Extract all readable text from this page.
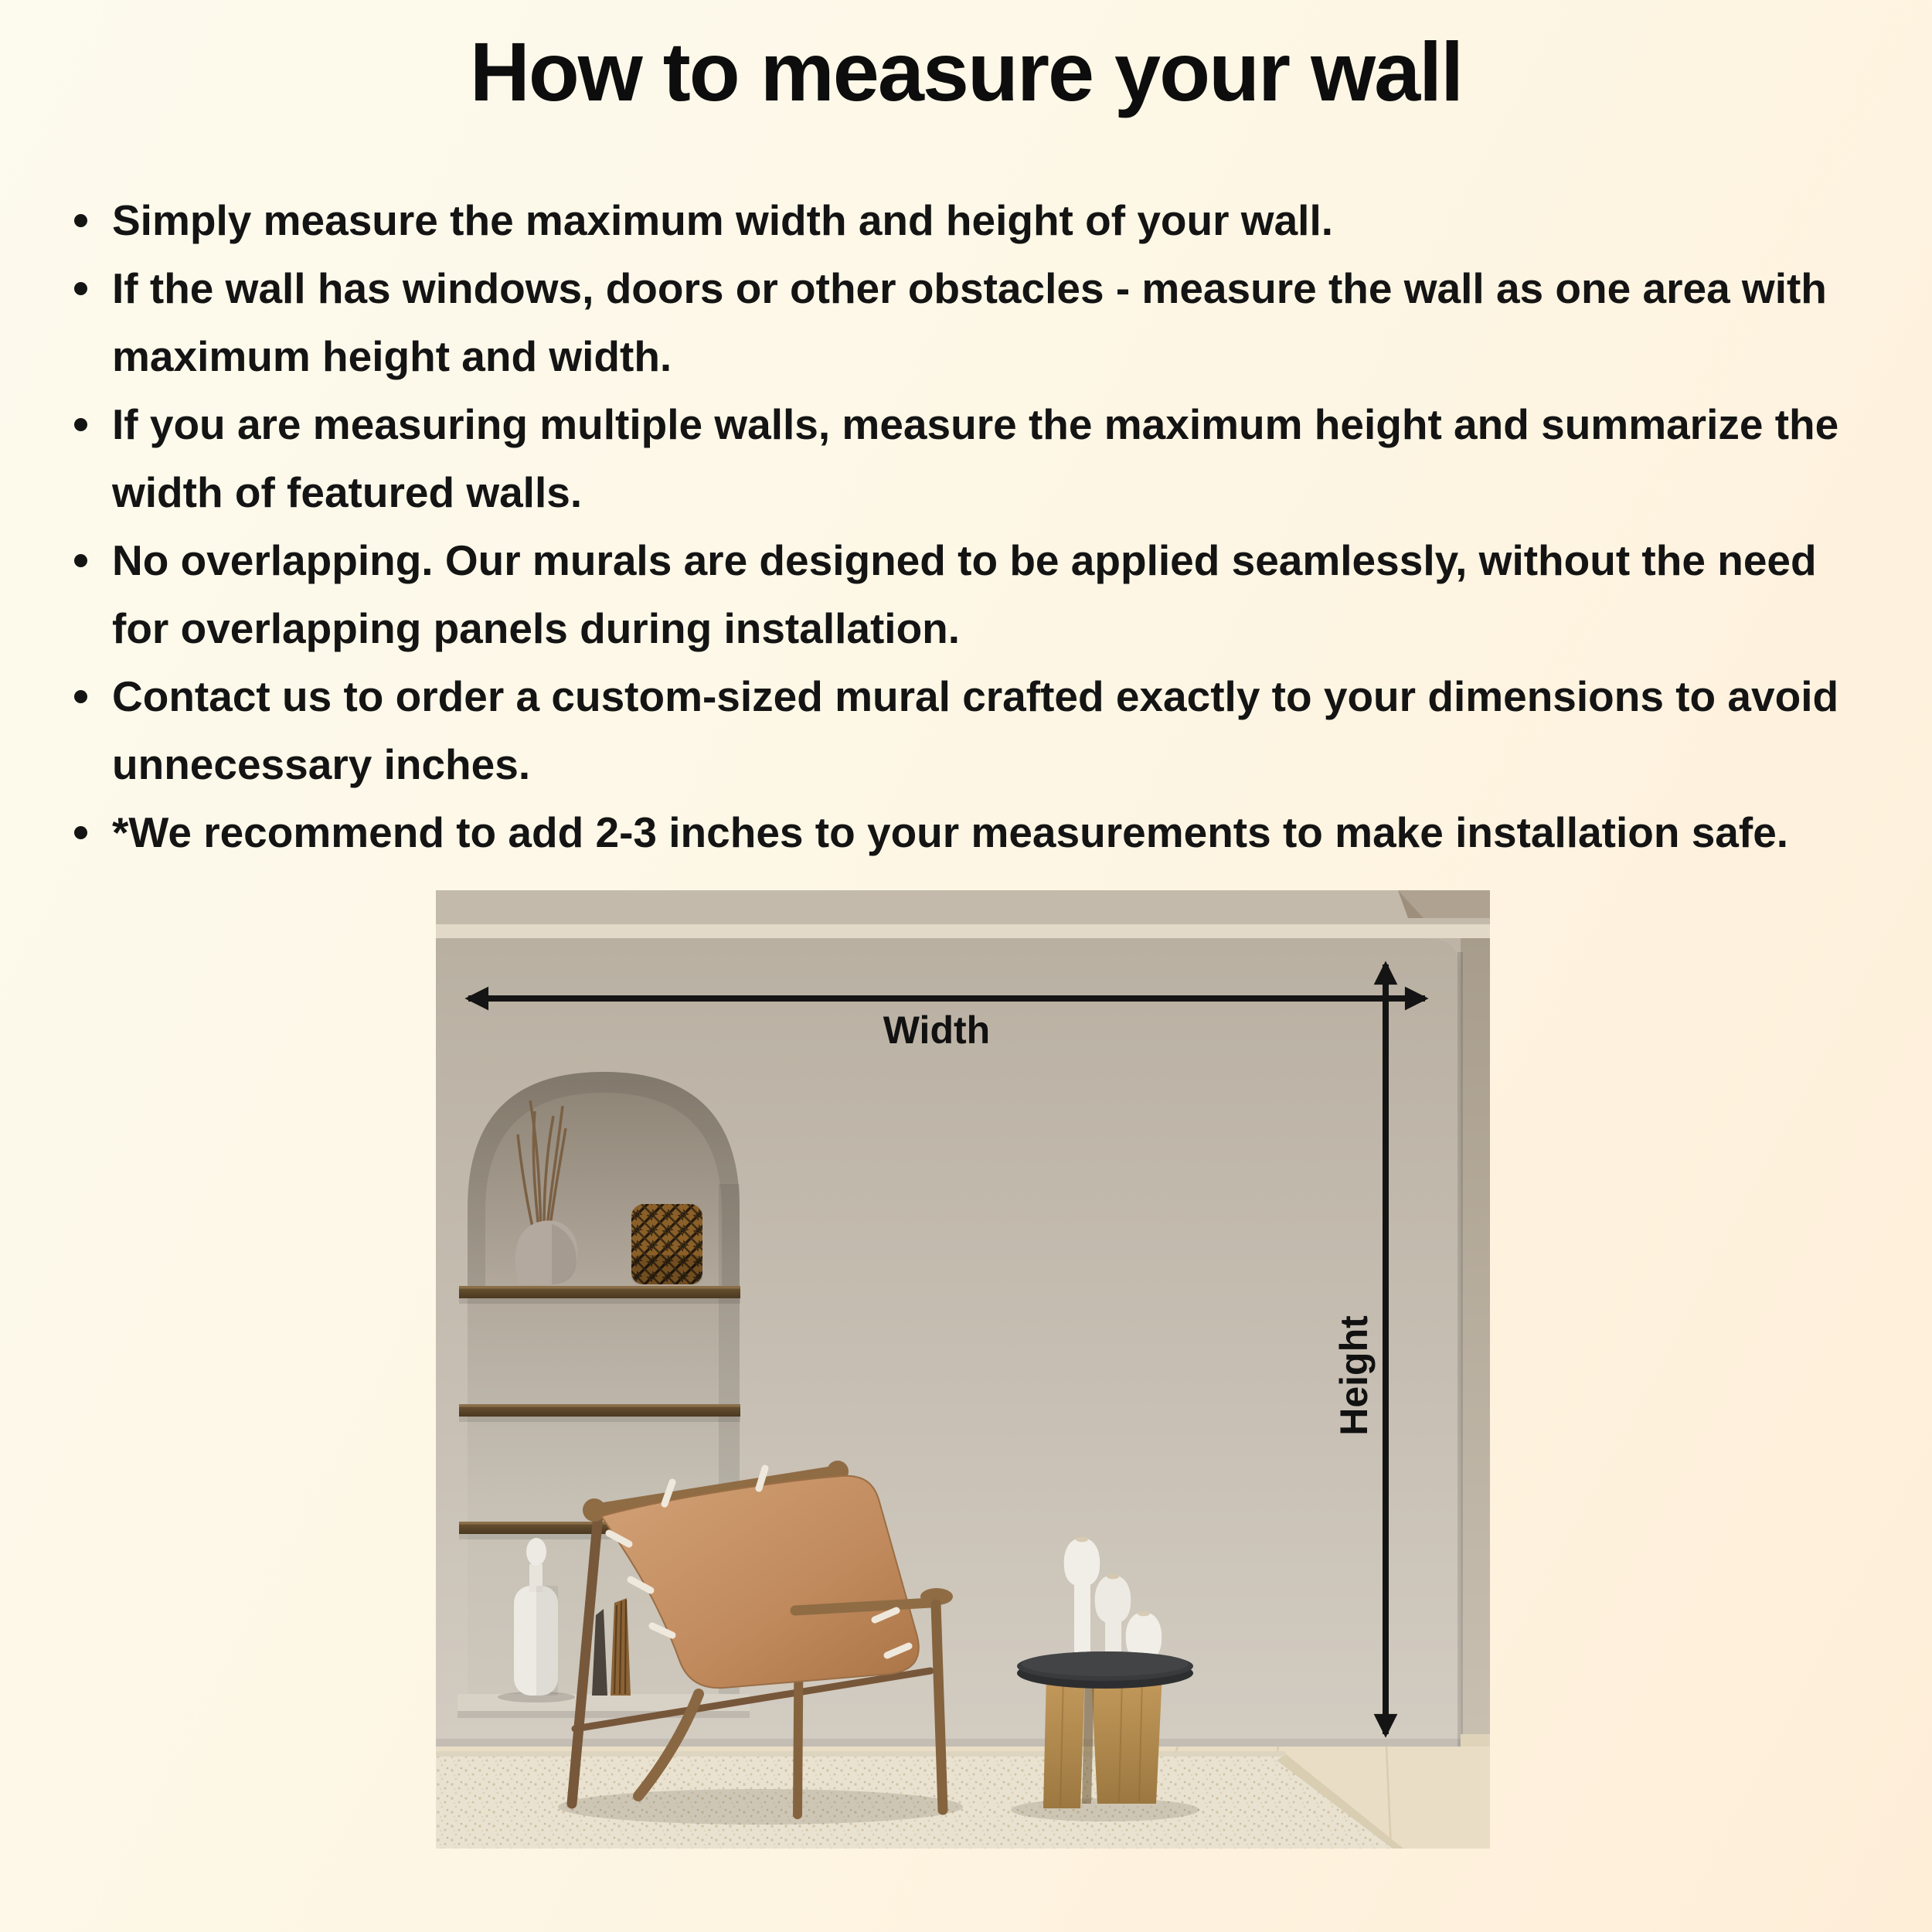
How to measure your wall
Simply measure the maximum width and height of your wall.
If the wall has windows, doors or other obstacles - measure the wall as one area with maximum height and width.
If you are measuring multiple walls, measure the maximum height and summarize the width of featured walls.
No overlapping. Our murals are designed to be applied seamlessly, without the need for overlapping panels during installation.
Contact us to order a custom-sized mural crafted exactly to your dimensions to avoid unnecessary inches.
*We recommend to add 2-3 inches to your measurements to make installation safe.
Width
Height
